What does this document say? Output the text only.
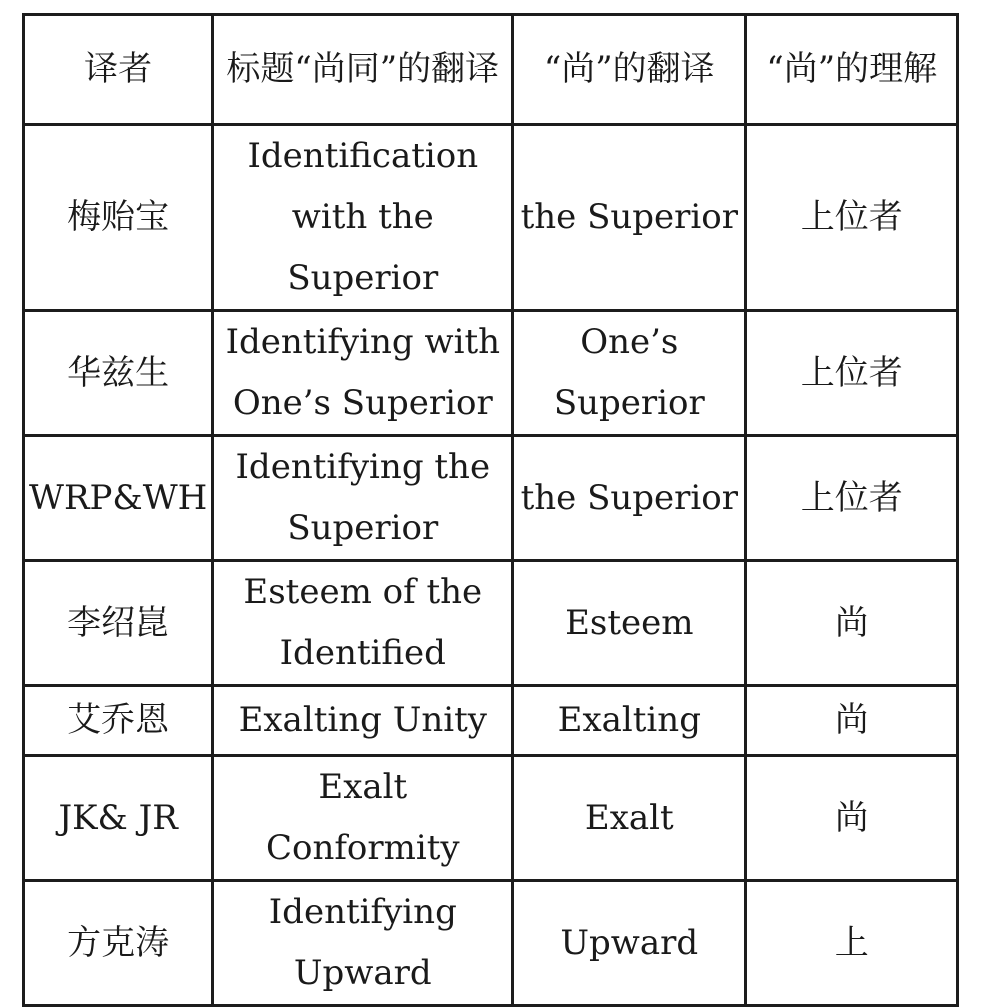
译者	标题“尚同”的翻译	“尚”的翻译	“尚”的理解
梅贻宝	Identification with the Superior	the Superior	上位者
华兹生	Identifying with One’s Superior	One’s Superior	上位者
WRP&WH	Identifying the Superior	the Superior	上位者
李绍崑	Esteem of the Identified	Esteem	尚
艾乔恩	Exalting Unity	Exalting	尚
JK& JR	Exalt Conformity	Exalt	尚
方克涛	Identifying Upward	Upward	上
